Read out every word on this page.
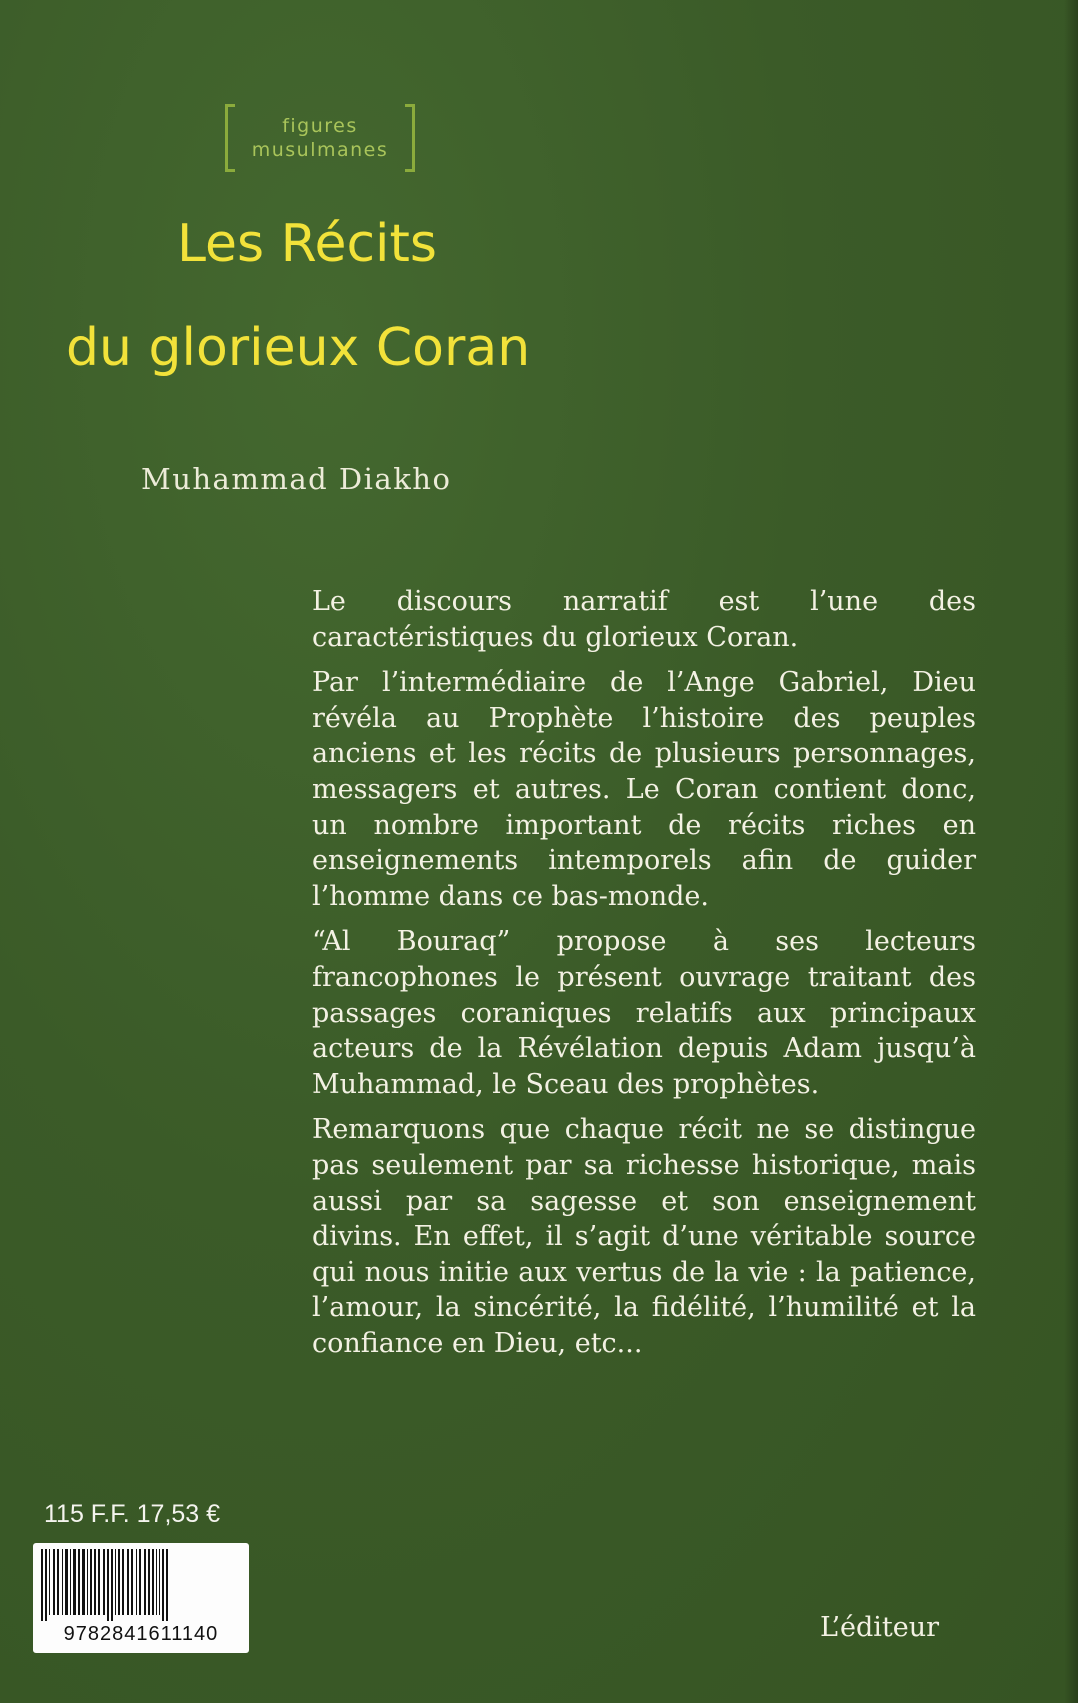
figures
musulmanes
Les Récits
du glorieux Coran
Muhammad Diakho

Le discours narratif est l’une des caractéristiques du glorieux Coran.

Par l’intermédiaire de l’Ange Gabriel, Dieu révéla au Prophète l’histoire des peuples anciens et les récits de plusieurs personnages, messagers et autres. Le Coran contient donc, un nombre important de récits riches en enseignements intemporels afin de guider l’homme dans ce bas-monde.

“Al Bouraq” propose à ses lecteurs francophones le présent ouvrage traitant des passages coraniques relatifs aux principaux acteurs de la Révélation depuis Adam jusqu’à Muhammad, le Sceau des prophètes.

Remarquons que chaque récit ne se distingue pas seulement par sa richesse historique, mais aussi par sa sagesse et son enseignement divins. En effet, il s’agit d’une véritable source qui nous initie aux vertus de la vie : la patience, l’amour, la sincérité, la fidélité, l’humilité et la confiance en Dieu, etc...

115 F.F. 17,53 €
9782841611140	L’éditeur
